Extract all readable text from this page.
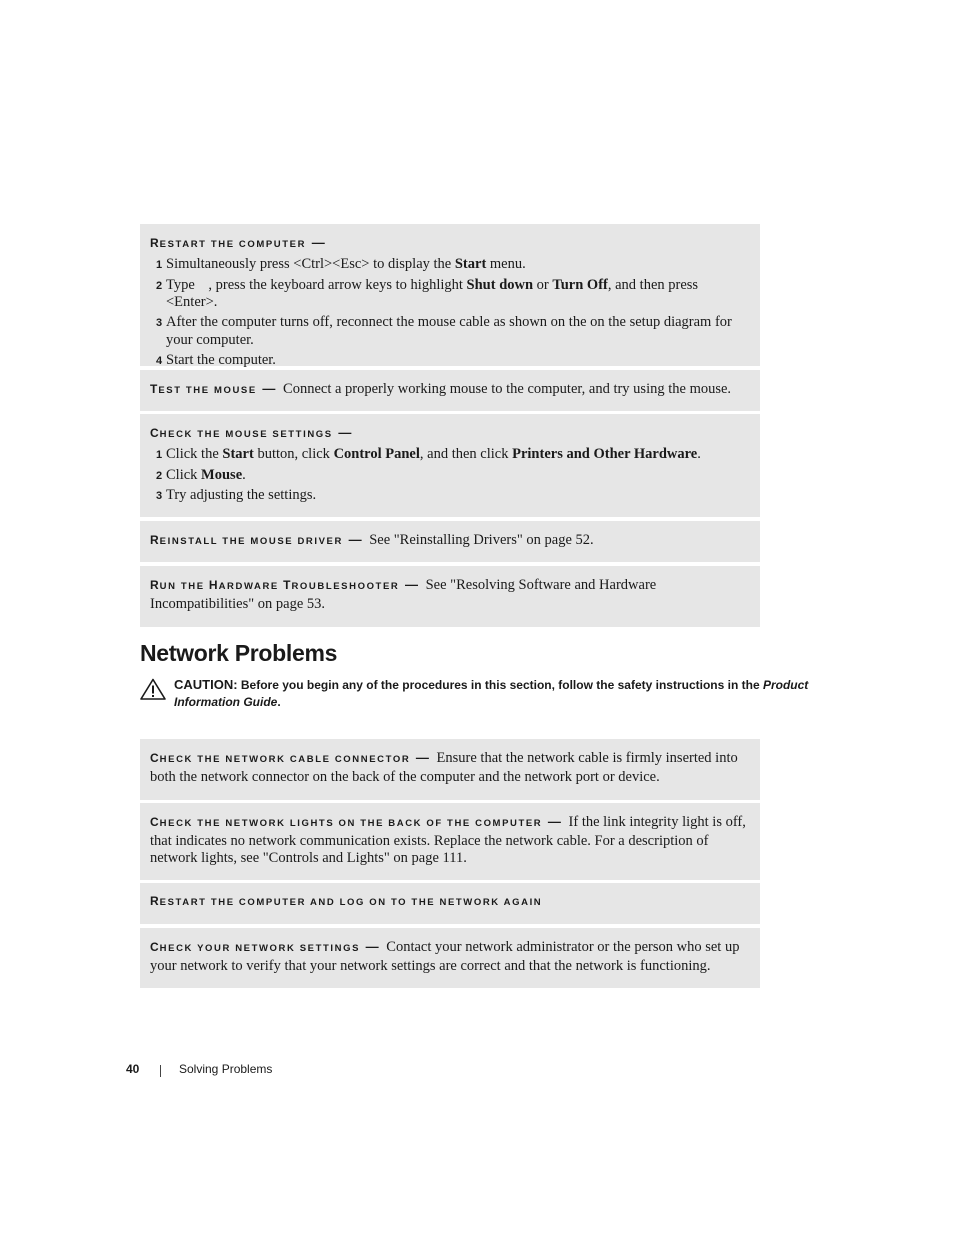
RESTART THE COMPUTER —
1 Simultaneously press <Ctrl><Esc> to display the Start menu.
2 Type , press the keyboard arrow keys to highlight Shut down or Turn Off, and then press <Enter>.
3 After the computer turns off, reconnect the mouse cable as shown on the on the setup diagram for your computer.
4 Start the computer.
TEST THE MOUSE — Connect a properly working mouse to the computer, and try using the mouse.
CHECK THE MOUSE SETTINGS —
1 Click the Start button, click Control Panel, and then click Printers and Other Hardware.
2 Click Mouse.
3 Try adjusting the settings.
REINSTALL THE MOUSE DRIVER — See "Reinstalling Drivers" on page 52.
RUN THE HARDWARE TROUBLESHOOTER — See "Resolving Software and Hardware Incompatibilities" on page 53.
Network Problems
CAUTION: Before you begin any of the procedures in this section, follow the safety instructions in the Product Information Guide.
CHECK THE NETWORK CABLE CONNECTOR — Ensure that the network cable is firmly inserted into both the network connector on the back of the computer and the network port or device.
CHECK THE NETWORK LIGHTS ON THE BACK OF THE COMPUTER — If the link integrity light is off, that indicates no network communication exists. Replace the network cable. For a description of network lights, see "Controls and Lights" on page 111.
RESTART THE COMPUTER AND LOG ON TO THE NETWORK AGAIN
CHECK YOUR NETWORK SETTINGS — Contact your network administrator or the person who set up your network to verify that your network settings are correct and that the network is functioning.
40	Solving Problems
